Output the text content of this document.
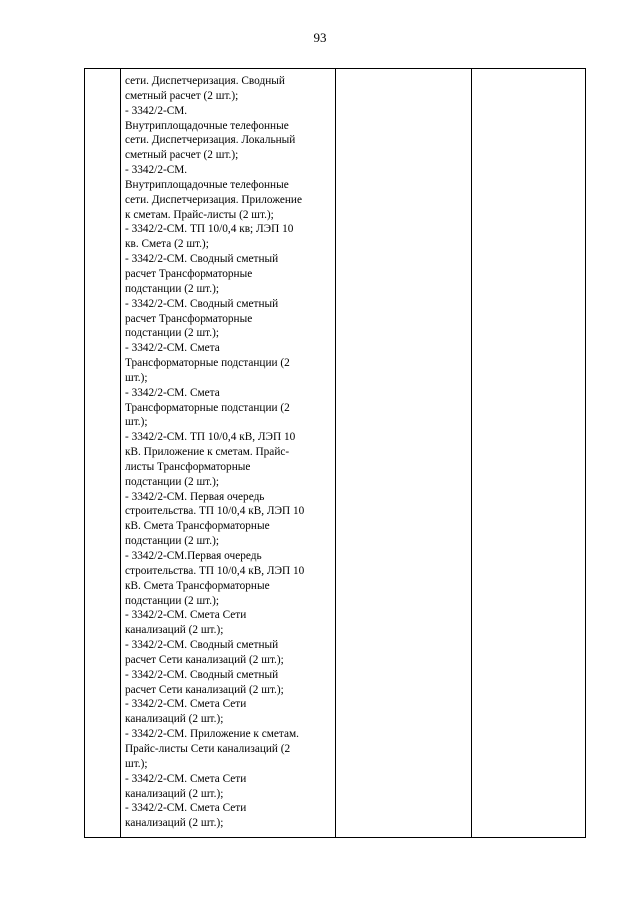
93
сети. Диспетчеризация. Сводный
сметный расчет (2 шт.);
- 3342/2-СМ.
Внутриплощадочные телефонные
сети. Диспетчеризация. Локальный
сметный расчет (2 шт.);
- 3342/2-СМ.
Внутриплощадочные телефонные
сети. Диспетчеризация. Приложение
к сметам. Прайс-листы (2 шт.);
- 3342/2-СМ. ТП 10/0,4 кв; ЛЭП 10
кв. Смета (2 шт.);
- 3342/2-СМ. Сводный сметный
расчет Трансформаторные
подстанции (2 шт.);
- 3342/2-СМ. Сводный сметный
расчет Трансформаторные
подстанции (2 шт.);
- 3342/2-СМ. Смета
Трансформаторные подстанции (2
шт.);
- 3342/2-СМ. Смета
Трансформаторные подстанции (2
шт.);
- 3342/2-СМ. ТП 10/0,4 кВ, ЛЭП 10
кВ. Приложение к сметам. Прайс-
листы Трансформаторные
подстанции (2 шт.);
- 3342/2-СМ. Первая очередь
строительства. ТП 10/0,4 кВ, ЛЭП 10
кВ. Смета Трансформаторные
подстанции (2 шт.);
- 3342/2-СМ.Первая очередь
строительства. ТП 10/0,4 кВ, ЛЭП 10
кВ. Смета Трансформаторные
подстанции (2 шт.);
- 3342/2-СМ. Смета Сети
канализаций (2 шт.);
- 3342/2-СМ. Сводный сметный
расчет Сети канализаций (2 шт.);
- 3342/2-СМ. Сводный сметный
расчет Сети канализаций (2 шт.);
- 3342/2-СМ. Смета Сети
канализаций (2 шт.);
- 3342/2-СМ. Приложение к сметам.
Прайс-листы Сети канализаций (2
шт.);
- 3342/2-СМ. Смета Сети
канализаций (2 шт.);
- 3342/2-СМ. Смета Сети
канализаций (2 шт.);
